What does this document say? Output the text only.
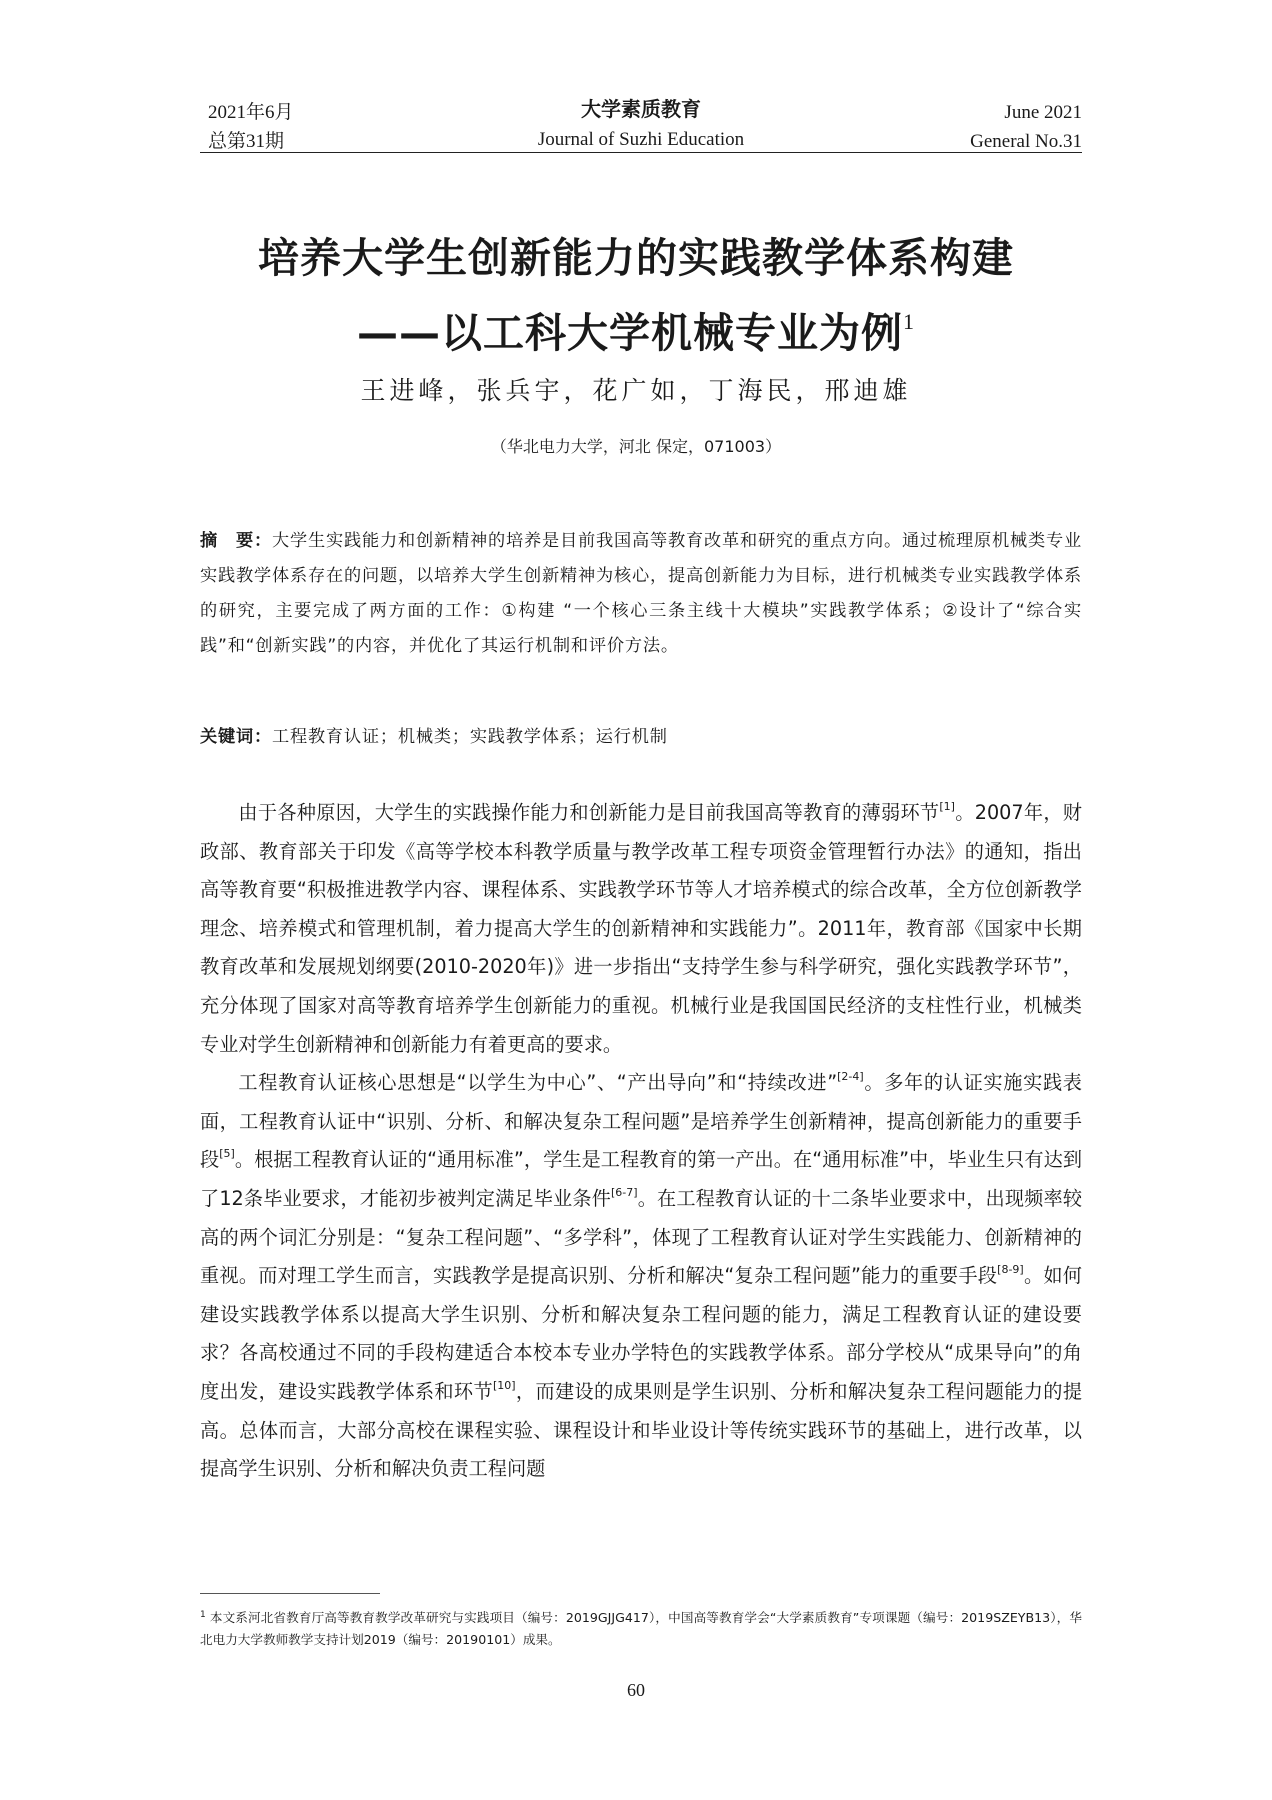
2021年6月
总第31期
大学素质教育
Journal of Suzhi Education
June 2021
General No.31
培养大学生创新能力的实践教学体系构建
——以工科大学机械专业为例$^1$
王进峰，张兵宇，花广如，丁海民，邢迪雄
（华北电力大学，河北 保定，071003）
摘　要：大学生实践能力和创新精神的培养是目前我国高等教育改革和研究的重点方向。通过梳理原机械类专业实践教学体系存在的问题，以培养大学生创新精神为核心，提高创新能力为目标，进行机械类专业实践教学体系的研究，主要完成了两方面的工作：①构建 “一个核心三条主线十大模块”实践教学体系；②设计了“综合实践”和“创新实践”的内容，并优化了其运行机制和评价方法。
关键词：工程教育认证；机械类；实践教学体系；运行机制

由于各种原因，大学生的实践操作能力和创新能力是目前我国高等教育的薄弱环节[1]。2007年，财政部、教育部关于印发《高等学校本科教学质量与教学改革工程专项资金管理暂行办法》的通知，指出高等教育要“积极推进教学内容、课程体系、实践教学环节等人才培养模式的综合改革，全方位创新教学理念、培养模式和管理机制，着力提高大学生的创新精神和实践能力”。2011年，教育部《国家中长期教育改革和发展规划纲要(2010-2020年)》进一步指出“支持学生参与科学研究，强化实践教学环节”，充分体现了国家对高等教育培养学生创新能力的重视。机械行业是我国国民经济的支柱性行业，机械类专业对学生创新精神和创新能力有着更高的要求。

工程教育认证核心思想是“以学生为中心”、“产出导向”和“持续改进”[2-4]。多年的认证实施实践表面，工程教育认证中“识别、分析、和解决复杂工程问题”是培养学生创新精神，提高创新能力的重要手段[5]。根据工程教育认证的“通用标准”，学生是工程教育的第一产出。在“通用标准”中，毕业生只有达到了12条毕业要求，才能初步被判定满足毕业条件[6-7]。在工程教育认证的十二条毕业要求中，出现频率较高的两个词汇分别是：“复杂工程问题”、“多学科”，体现了工程教育认证对学生实践能力、创新精神的重视。而对理工学生而言，实践教学是提高识别、分析和解决“复杂工程问题”能力的重要手段[8-9]。如何建设实践教学体系以提高大学生识别、分析和解决复杂工程问题的能力，满足工程教育认证的建设要求？各高校通过不同的手段构建适合本校本专业办学特色的实践教学体系。部分学校从“成果导向”的角度出发，建设实践教学体系和环节[10]，而建设的成果则是学生识别、分析和解决复杂工程问题能力的提高。总体而言，大部分高校在课程实验、课程设计和毕业设计等传统实践环节的基础上，进行改革，以提高学生识别、分析和解决负责工程问题

$^1$ 本文系河北省教育厅高等教育教学改革研究与实践项目（编号：2019GJJG417），中国高等教育学会“大学素质教育”专项课题（编号：2019SZEYB13），华北电力大学教师教学支持计划2019（编号：20190101）成果。
60
